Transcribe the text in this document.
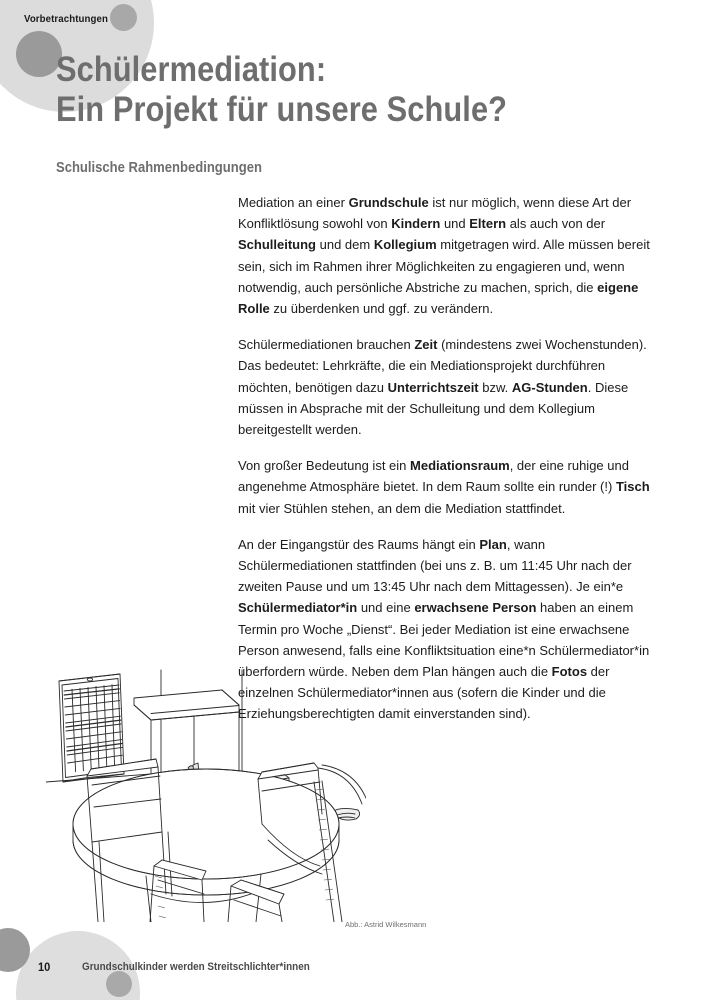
Vorbetrachtungen
Schülermediation:
Ein Projekt für unsere Schule?
Schulische Rahmenbedingungen

Mediation an einer Grundschule ist nur möglich, wenn diese Art der Konfliktlösung sowohl von Kindern und Eltern als auch von der Schulleitung und dem Kollegium mitgetragen wird. Alle müssen bereit sein, sich im Rahmen ihrer Möglichkeiten zu engagieren und, wenn notwendig, auch persönliche Abstriche zu machen, sprich, die eigene Rolle zu überdenken und ggf. zu verändern.

Schülermediationen brauchen Zeit (mindestens zwei Wochenstunden). Das bedeutet: Lehrkräfte, die ein Mediationsprojekt durchführen möchten, benötigen dazu Unterrichtszeit bzw. AG-Stunden. Diese müssen in Absprache mit der Schulleitung und dem Kollegium bereitgestellt werden.

Von großer Bedeutung ist ein Mediationsraum, der eine ruhige und angenehme Atmosphäre bietet. In dem Raum sollte ein runder (!) Tisch mit vier Stühlen stehen, an dem die Mediation stattfindet.

An der Eingangstür des Raums hängt ein Plan, wann Schülermediationen stattfinden (bei uns z. B. um 11:45 Uhr nach der zweiten Pause und um 13:45 Uhr nach dem Mittagessen). Je ein*e Schülermediator*in und eine erwachsene Person haben an einem Termin pro Woche „Dienst“. Bei jeder Mediation ist eine erwachsene Person anwesend, falls eine Konfliktsituation eine*n Schülermediator*in überfordern würde. Neben dem Plan hängen auch die Fotos der einzelnen Schülermediator*innen aus (sofern die Kinder und die Erziehungsberechtigten damit einverstanden sind).

Abb.: Astrid Wilkesmann
10	Grundschulkinder werden Streitschlichter*innen
